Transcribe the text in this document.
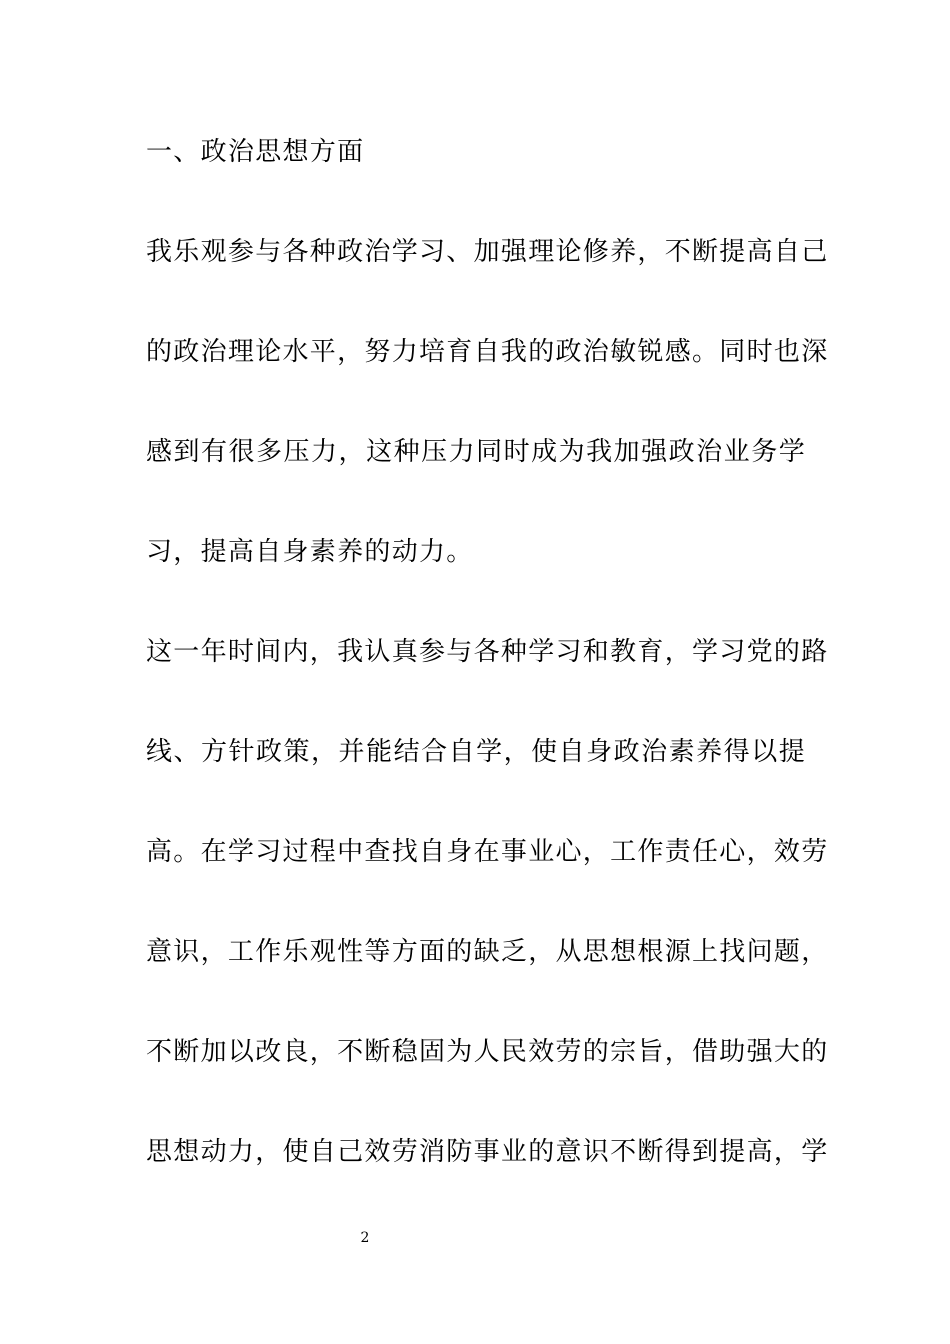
一、政治思想方面
我乐观参与各种政治学习、加强理论修养，不断提高自己
的政治理论水平，努力培育自我的政治敏锐感。同时也深
感到有很多压力，这种压力同时成为我加强政治业务学
习，提高自身素养的动力。
这一年时间内，我认真参与各种学习和教育，学习党的路
线、方针政策，并能结合自学，使自身政治素养得以提
高。在学习过程中查找自身在事业心，工作责任心，效劳
意识，工作乐观性等方面的缺乏，从思想根源上找问题，
不断加以改良，不断稳固为人民效劳的宗旨，借助强大的
思想动力，使自己效劳消防事业的意识不断得到提高，学
2
